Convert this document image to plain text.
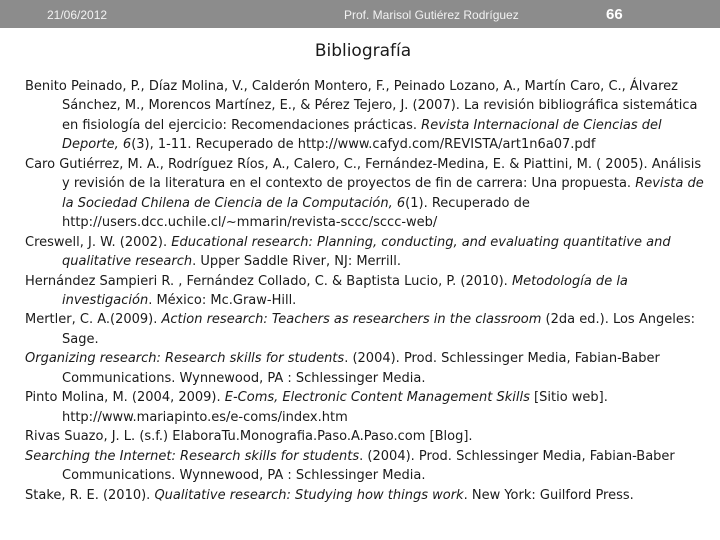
21/06/2012	Prof. Marisol Gutiérez Rodríguez	66
Bibliografía

Benito Peinado, P., Díaz Molina, V., Calderón Montero, F., Peinado Lozano, A., Martín Caro, C., Álvarez Sánchez, M., Morencos Martínez, E., & Pérez Tejero, J. (2007). La revisión bibliográfica sistemática en fisiología del ejercicio: Recomendaciones prácticas. Revista Internacional de Ciencias del Deporte, 6(3), 1-11. Recuperado de http://www.cafyd.com/REVISTA/art1n6a07.pdf

Caro Gutiérrez, M. A., Rodríguez Ríos, A., Calero, C., Fernández-Medina, E. & Piattini, M. ( 2005). Análisis y revisión de la literatura en el contexto de proyectos de fin de carrera: Una propuesta. Revista de la Sociedad Chilena de Ciencia de la Computación, 6(1). Recuperado de http://users.dcc.uchile.cl/~mmarin/revista-sccc/sccc-web/

Creswell, J. W. (2002). Educational research: Planning, conducting, and evaluating quantitative and qualitative research. Upper Saddle River, NJ: Merrill.

Hernández Sampieri R. , Fernández Collado, C. & Baptista Lucio, P. (2010). Metodología de la investigación. México: Mc.Graw-Hill.

Mertler, C. A.(2009). Action research: Teachers as researchers in the classroom (2da ed.). Los Angeles: Sage.

Organizing research: Research skills for students. (2004). Prod. Schlessinger Media, Fabian-Baber Communications. Wynnewood, PA : Schlessinger Media.

Pinto Molina, M. (2004, 2009). E-Coms, Electronic Content Management Skills [Sitio web]. http://www.mariapinto.es/e-coms/index.htm

Rivas Suazo, J. L. (s.f.) ElaboraTu.Monografia.Paso.A.Paso.com [Blog].

Searching the Internet: Research skills for students. (2004). Prod. Schlessinger Media, Fabian-Baber Communications. Wynnewood, PA : Schlessinger Media.

Stake, R. E. (2010). Qualitative research: Studying how things work. New York: Guilford Press.
